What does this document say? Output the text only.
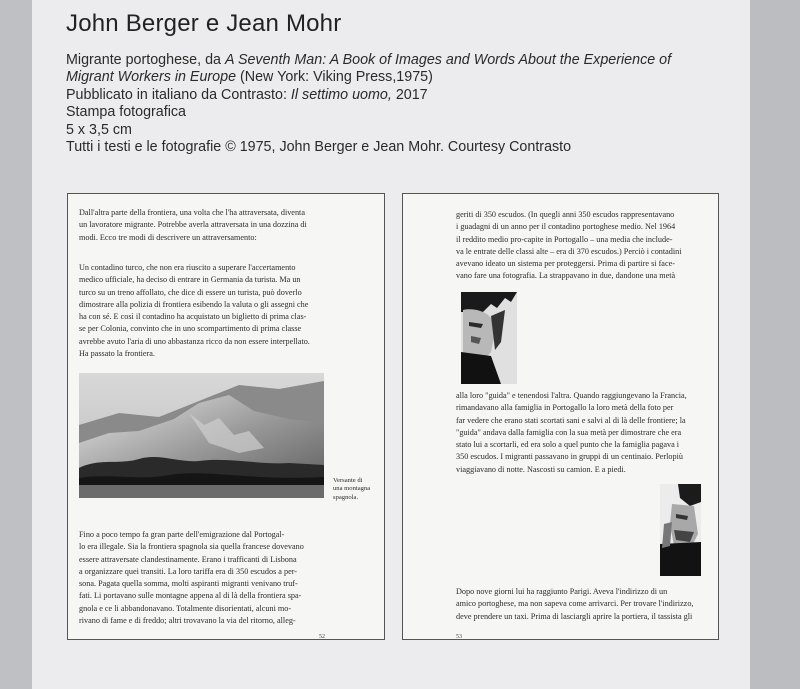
John Berger e Jean Mohr
Migrante portoghese, da A Seventh Man: A Book of Images and Words About the Experience of
Migrant Workers in Europe (New York: Viking Press,1975)
Pubblicato in italiano da Contrasto: Il settimo uomo, 2017
Stampa fotografica
5 x 3,5 cm
Tutti i testi e le fotografie © 1975, John Berger e Jean Mohr. Courtesy Contrasto
Dall'altra parte della frontiera, una volta che l'ha attraversata, diventa
un lavoratore migrante. Potrebbe averla attraversata in una dozzina di
modi. Ecco tre modi di descrivere un attraversamento:
Un contadino turco, che non era riuscito a superare l'accertamento
medico ufficiale, ha deciso di entrare in Germania da turista. Ma un
turco su un treno affollato, che dice di essere un turista, può doverlo
dimostrare alla polizia di frontiera esibendo la valuta o gli assegni che
ha con sé. E così il contadino ha acquistato un biglietto di prima clas-
se per Colonia, convinto che in uno scompartimento di prima classe
avrebbe avuto l'aria di uno abbastanza ricco da non essere interpellato.
Ha passato la frontiera.
Versante di
una montagna
spagnola.
Fino a poco tempo fa gran parte dell'emigrazione dal Portogal-
lo era illegale. Sia la frontiera spagnola sia quella francese dovevano
essere attraversate clandestinamente. Erano i trafficanti di Lisbona
a organizzare quei transiti. La loro tariffa era di 350 escudos a per-
sona. Pagata quella somma, molti aspiranti migranti venivano truf-
fati. Li portavano sulle montagne appena al di là della frontiera spa-
gnola e ce li abbandonavano. Totalmente disorientati, alcuni mo-
rivano di fame e di freddo; altri trovavano la via del ritorno, alleg-
52
geriti di 350 escudos. (In quegli anni 350 escudos rappresentavano
i guadagni di un anno per il contadino portoghese medio. Nel 1964
il reddito medio pro-capite in Portogallo – una media che include-
va le entrate delle classi alte – era di 370 escudos.) Perciò i contadini
avevano ideato un sistema per proteggersi. Prima di partire si face-
vano fare una fotografia. La strappavano in due, dandone una metà
alla loro "guida" e tenendosi l'altra. Quando raggiungevano la Francia,
rimandavano alla famiglia in Portogallo la loro metà della foto per
far vedere che erano stati scortati sani e salvi al di là delle frontiere; la
"guida" andava dalla famiglia con la sua metà per dimostrare che era
stato lui a scortarli, ed era solo a quel punto che la famiglia pagava i
350 escudos. I migranti passavano in gruppi di un centinaio. Perlopiù
viaggiavano di notte. Nascosti su camion. E a piedi.
Dopo nove giorni lui ha raggiunto Parigi. Aveva l'indirizzo di un
amico portoghese, ma non sapeva come arrivarci. Per trovare l'indirizzo,
deve prendere un taxi. Prima di lasciargli aprire la portiera, il tassista gli
53
